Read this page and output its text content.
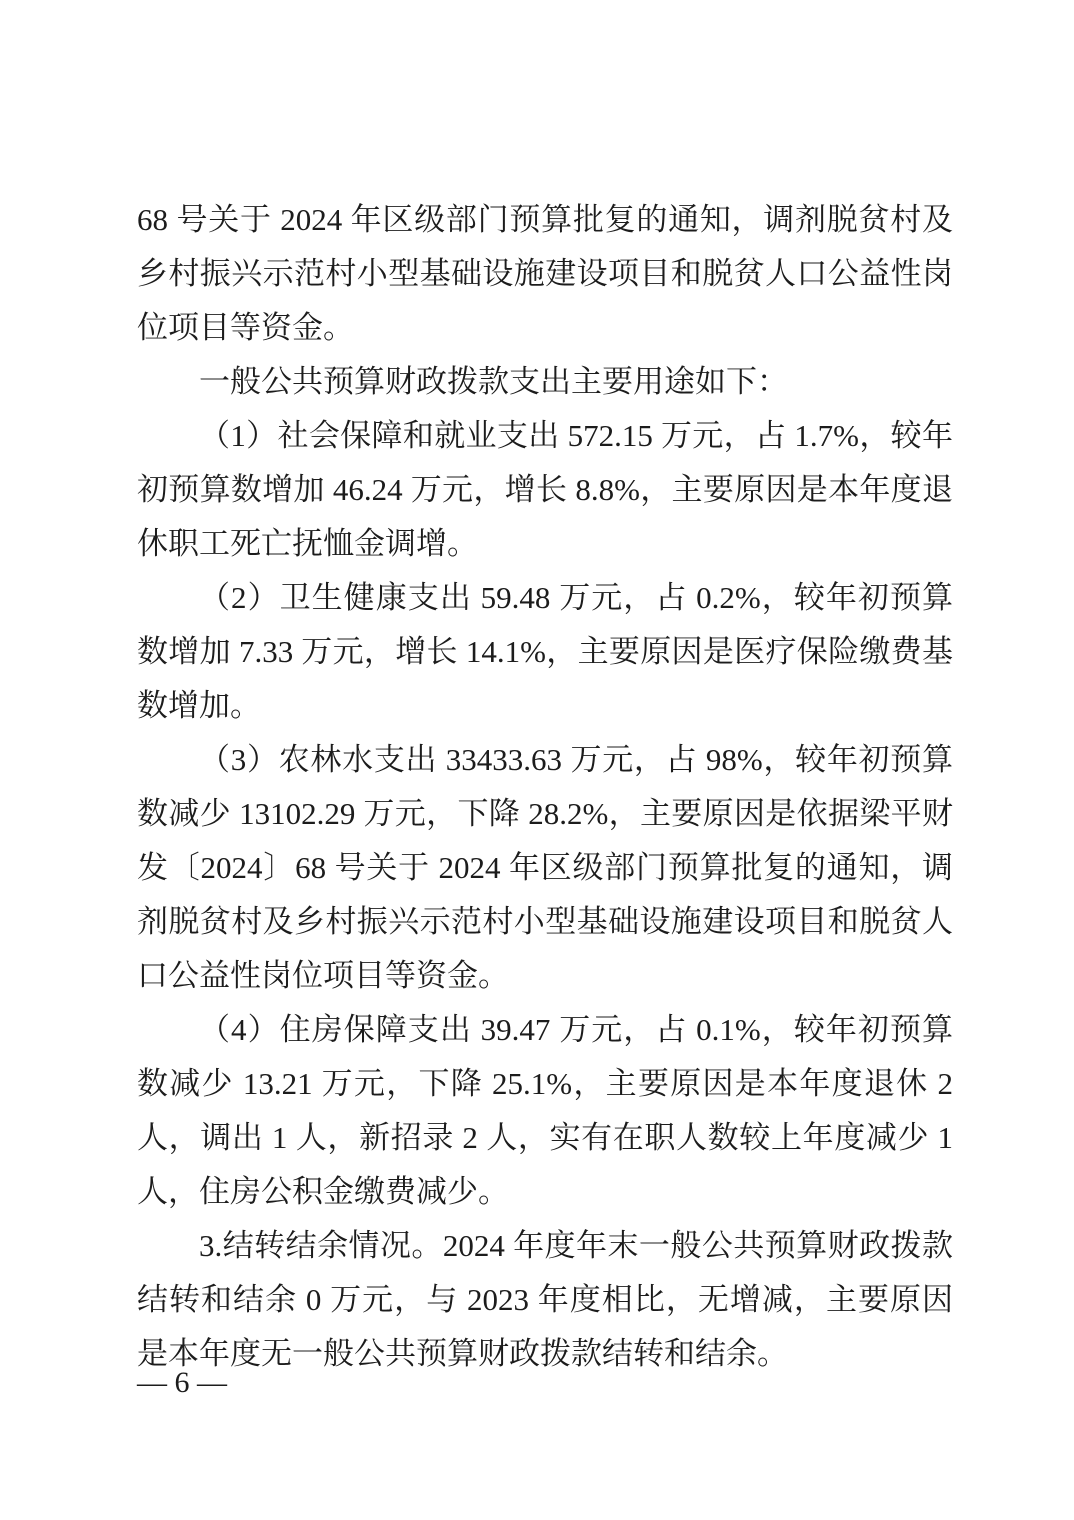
68 号关于 2024 年区级部门预算批复的通知，调剂脱贫村及乡村振兴示范村小型基础设施建设项目和脱贫人口公益性岗位项目等资金。

一般公共预算财政拨款支出主要用途如下：

（1）社会保障和就业支出 572.15 万元，占 1.7%，较年初预算数增加 46.24 万元，增长 8.8%，主要原因是本年度退休职工死亡抚恤金调增。

（2）卫生健康支出 59.48 万元，占 0.2%，较年初预算数增加 7.33 万元，增长 14.1%，主要原因是医疗保险缴费基数增加。

（3）农林水支出 33433.63 万元，占 98%，较年初预算数减少 13102.29 万元，下降 28.2%，主要原因是依据梁平财发〔2024〕68 号关于 2024 年区级部门预算批复的通知，调剂脱贫村及乡村振兴示范村小型基础设施建设项目和脱贫人口公益性岗位项目等资金。

（4）住房保障支出 39.47 万元，占 0.1%，较年初预算数减少 13.21 万元，下降 25.1%，主要原因是本年度退休 2 人，调出 1 人，新招录 2 人，实有在职人数较上年度减少 1 人，住房公积金缴费减少。

3.结转结余情况。2024 年度年末一般公共预算财政拨款结转和结余 0 万元，与 2023 年度相比，无增减，主要原因是本年度无一般公共预算财政拨款结转和结余。

— 6 —
